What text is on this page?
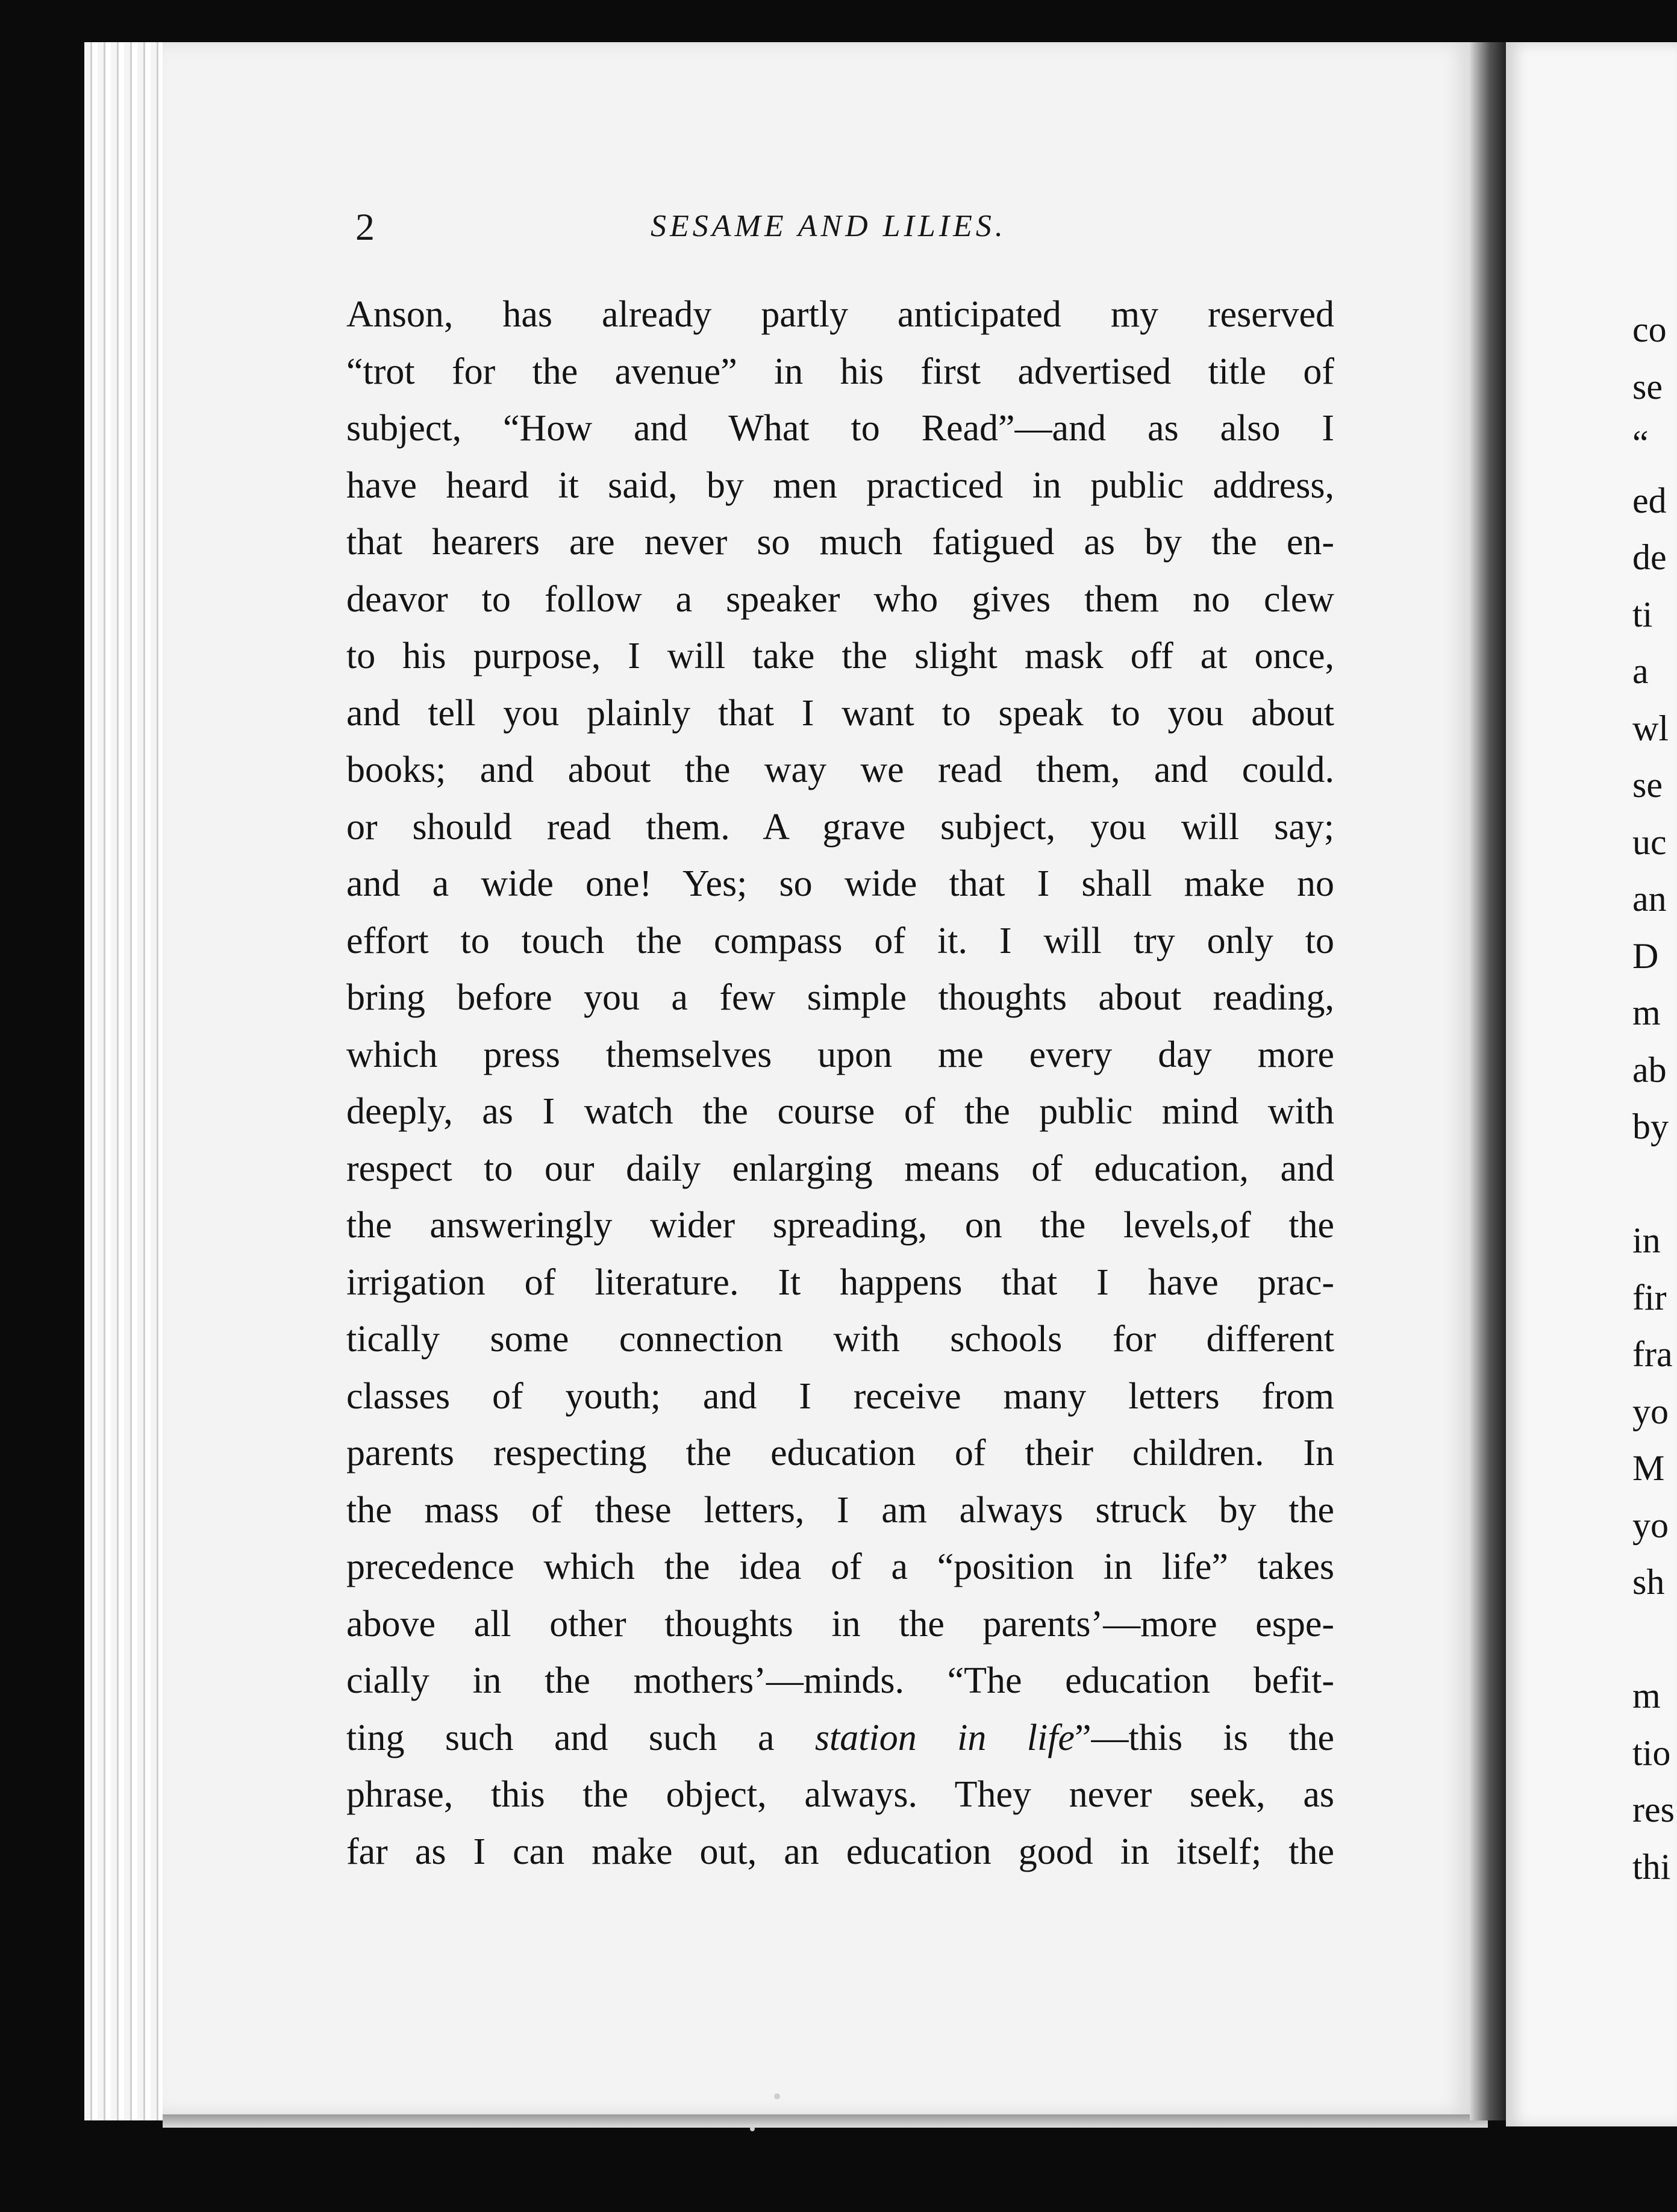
2	SESAME AND LILIES.
Anson, has already partly anticipated my reserved
“trot for the avenue” in his first advertised title of
subject, “How and What to Read”—and as also I
have heard it said, by men practiced in public address,
that hearers are never so much fatigued as by the en-
deavor to follow a speaker who gives them no clew
to his purpose, I will take the slight mask off at once,
and tell you plainly that I want to speak to you about
books; and about the way we read them, and could.
or should read them. A grave subject, you will say;
and a wide one! Yes; so wide that I shall make no
effort to touch the compass of it. I will try only to
bring before you a few simple thoughts about reading,
which press themselves upon me every day more
deeply, as I watch the course of the public mind with
respect to our daily enlarging means of education, and
the answeringly wider spreading, on the levels,of the
irrigation of literature. It happens that I have prac-
tically some connection with schools for different
classes of youth; and I receive many letters from
parents respecting the education of their children. In
the mass of these letters, I am always struck by the
precedence which the idea of a “position in life” takes
above all other thoughts in the parents’—more espe-
cially in the mothers’—minds. “The education befit-
ting such and such a station in life”—this is the
phrase, this the object, always. They never seek, as
far as I can make out, an education good in itself; the
co
se
“
ed
de
ti
a
wl
se
uc
an
D
m
ab
by
in
fir
fra
yo
M
yo
sh
m
tio
res
thi
